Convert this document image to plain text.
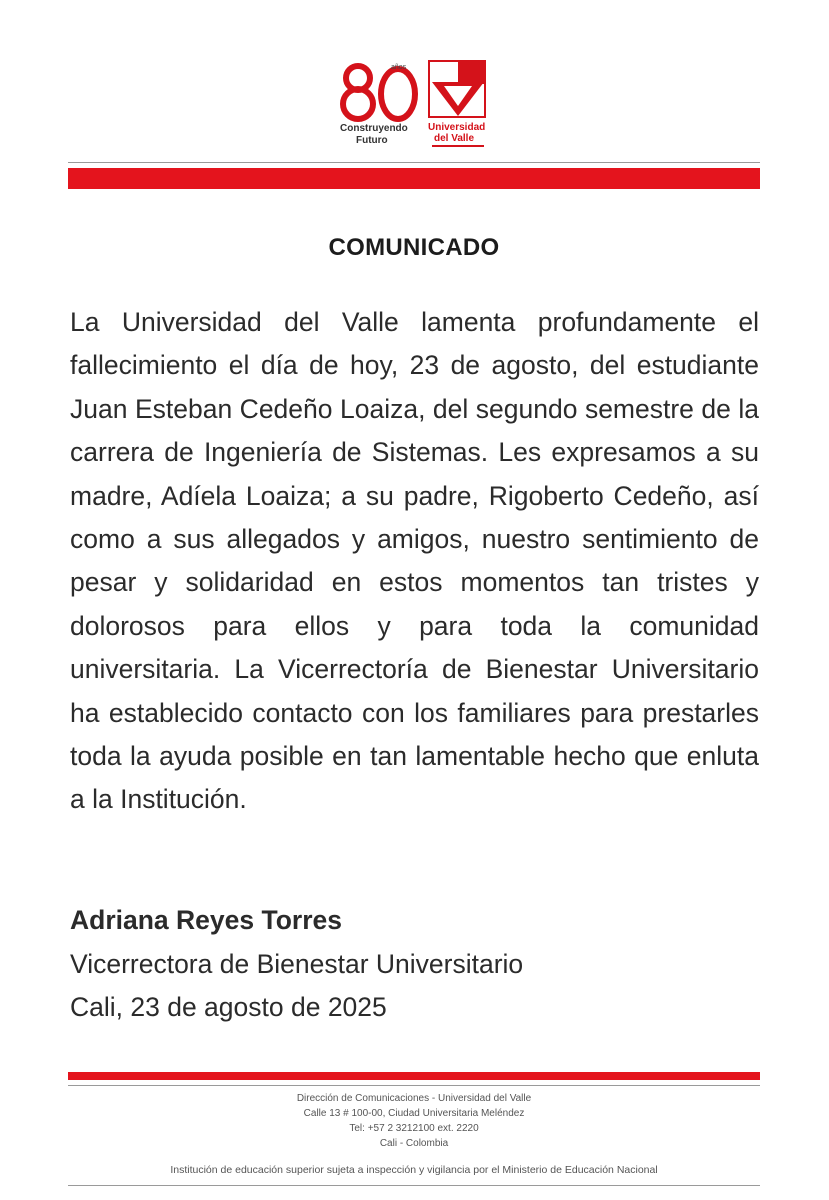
años
Construyendo
Futuro
Universidad
del Valle
COMUNICADO
La Universidad del Valle lamenta profundamente el fallecimiento el día de hoy, 23 de agosto, del estudiante Juan Esteban Cedeño Loaiza, del segundo semestre de la carrera de Ingeniería de Sistemas. Les expresamos a su madre, Adíela Loaiza; a su padre, Rigoberto Cedeño, así como a sus allegados y amigos, nuestro sentimiento de pesar y solidaridad en estos momentos tan tristes y dolorosos para ellos y para toda la comunidad universitaria. La Vicerrectoría de Bienestar Universitario ha establecido contacto con los familiares para prestarles toda la ayuda posible en tan lamentable hecho que enluta a la Institución.
Adriana Reyes Torres
Vicerrectora de Bienestar Universitario
Cali, 23 de agosto de 2025
Dirección de Comunicaciones - Universidad del Valle
Calle 13 # 100-00, Ciudad Universitaria Meléndez
Tel: +57 2 3212100 ext. 2220
Cali - Colombia
Institución de educación superior sujeta a inspección y vigilancia por el Ministerio de Educación Nacional
